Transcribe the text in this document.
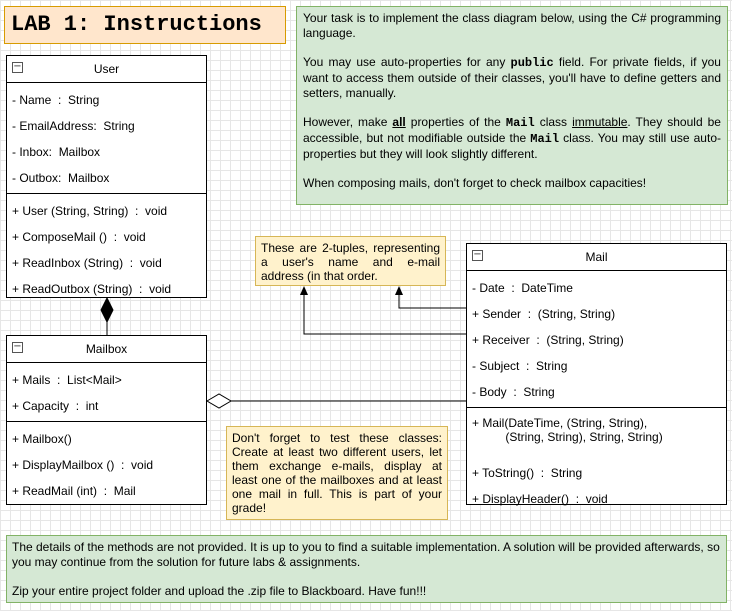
LAB 1: Instructions	Your task is to implement the class diagram below, using the C# programming language.

You may use auto-properties for any public field. For private fields, if you want to access them outside of their classes, you'll have to define getters and setters, manually.

However, make all properties of the Mail class immutable. They should be accessible, but not modifiable outside the Mail class. You may still use auto-properties but they will look slightly different.

When composing mails, don't forget to check mailbox capacities!

−	User
- Name  :  String
- EmailAddress:  String
- Inbox:  Mailbox
- Outbox:  Mailbox
+ User (String, String)  :  void
+ ComposeMail ()  :  void
+ ReadInbox (String)  :  void
+ ReadOutbox (String)  :  void
−	Mailbox
+ Mails  :  List<Mail>
+ Capacity  :  int
+ Mailbox()
+ DisplayMailbox ()  :  void
+ ReadMail (int)  :  Mail
−	Mail
- Date  :  DateTime
+ Sender  :  (String, String)
+ Receiver  :  (String, String)
- Subject  :  String
- Body  :  String
+ Mail(DateTime, (String, String),
(String, String), String, String)
+ ToString()  :  String
+ DisplayHeader()  :  void
These are 2-tuples, representing a user's name and e-mail address (in that order.
Don't forget to test these classes: Create at least two different users, let them exchange e-mails, display at least one of the mailboxes and at least one mail in full. This is part of your grade!

The details of the methods are not provided. It is up to you to find a suitable implementation. A solution will be provided afterwards, so you may continue from the solution for future labs & assignments.

Zip your entire project folder and upload the .zip file to Blackboard. Have fun!!!
